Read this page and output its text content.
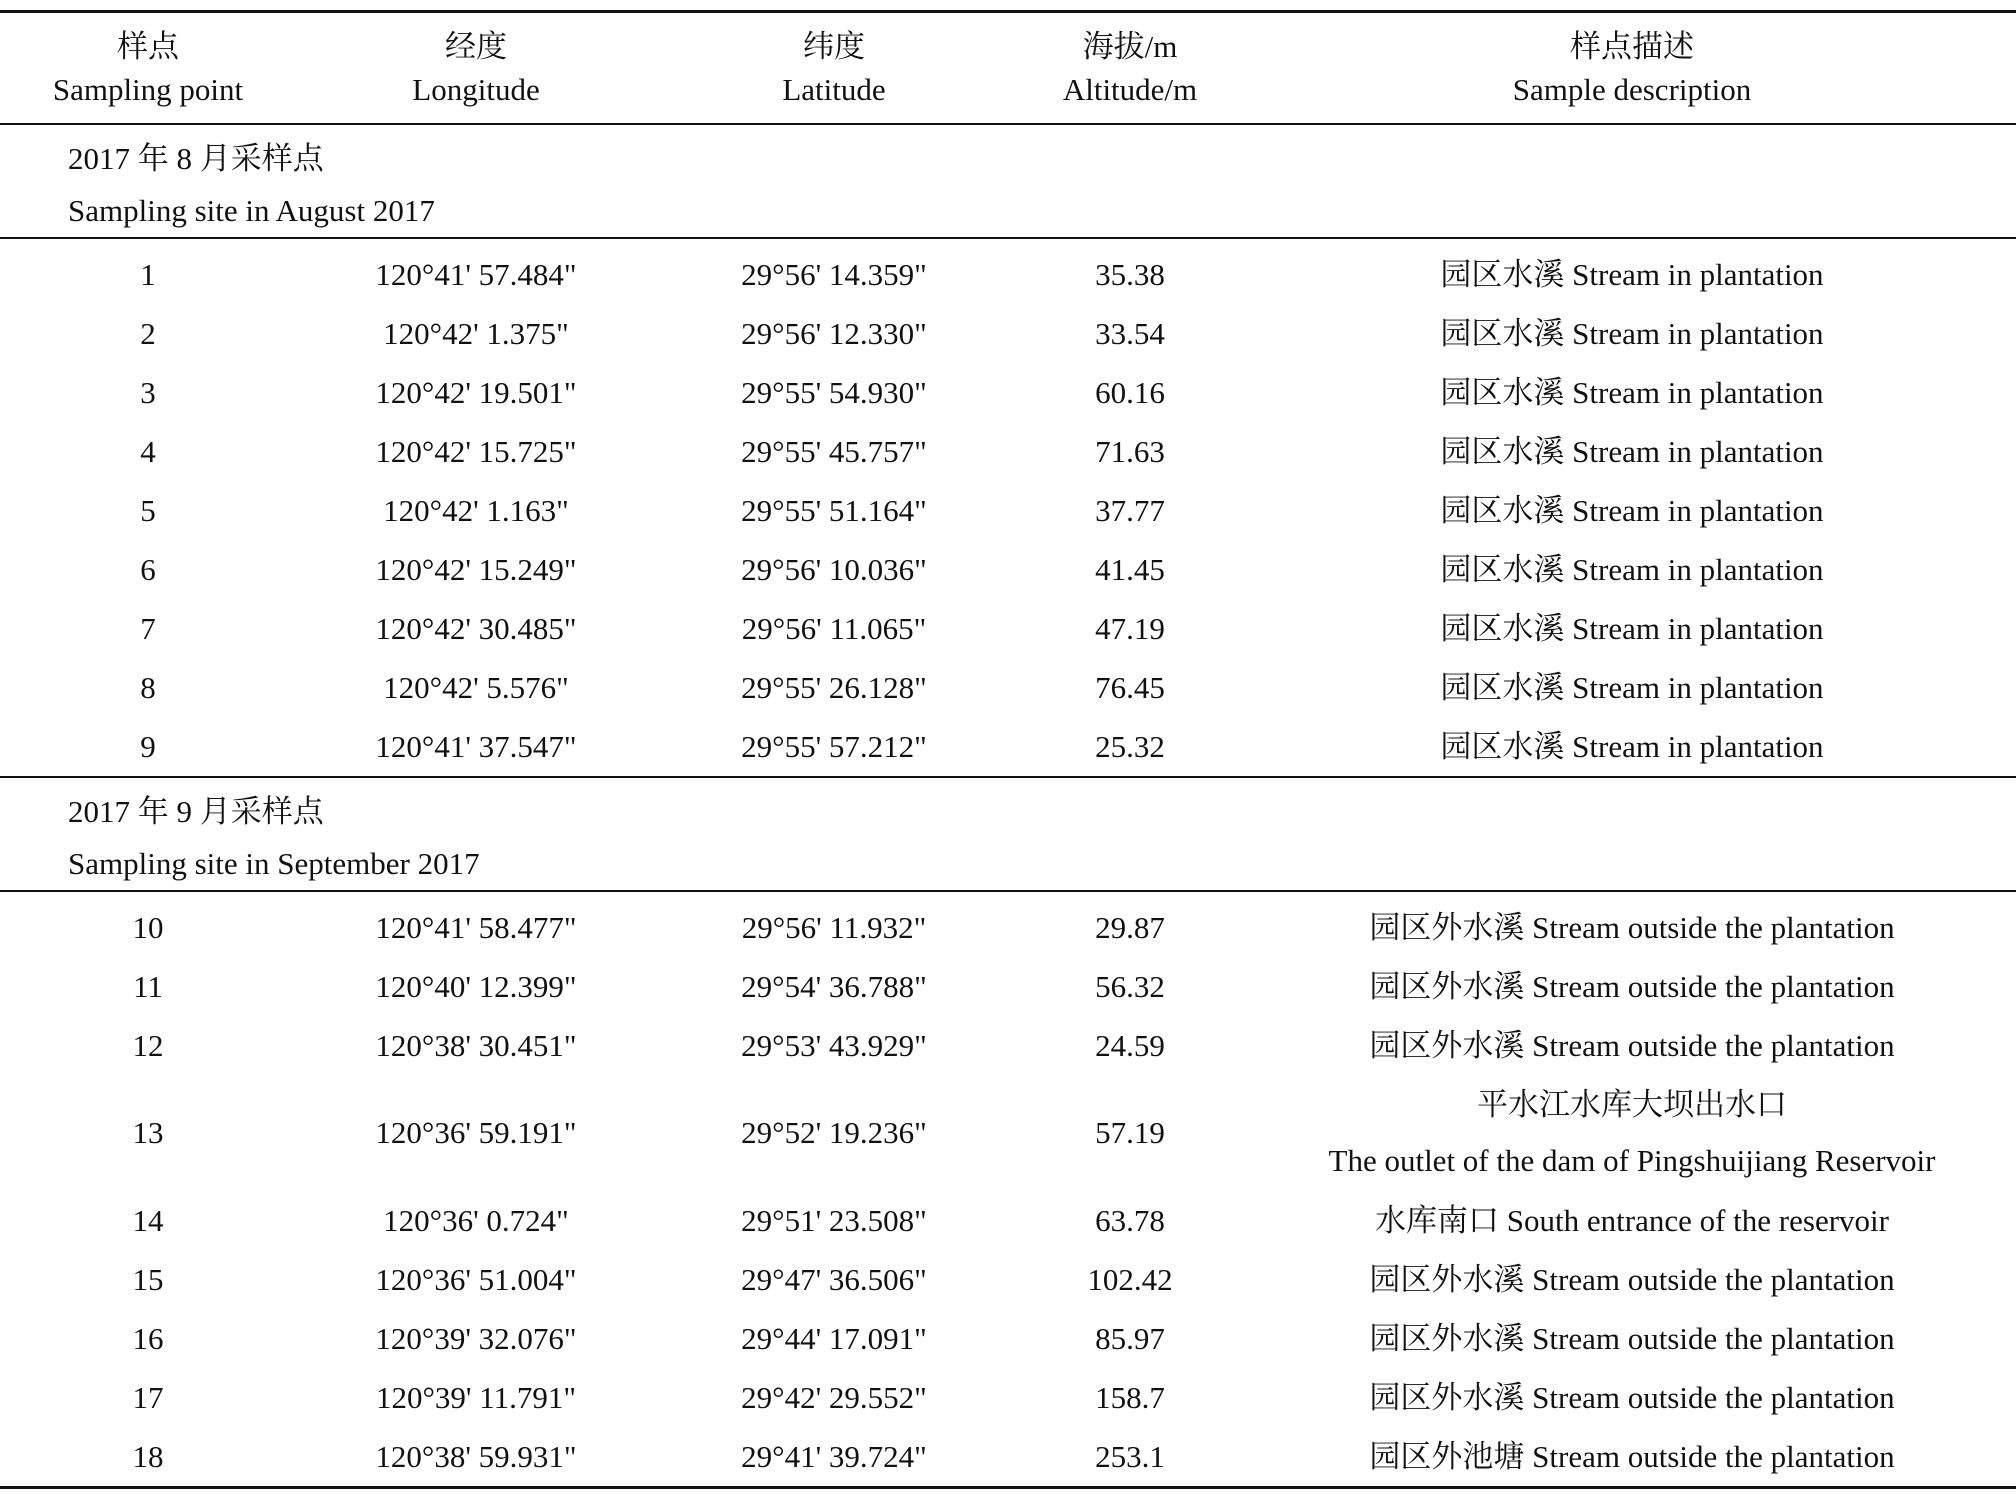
样点	经度	纬度	海拔/m	样点描述
Sampling point	Longitude	Latitude	Altitude/m	Sample description
2017 年 8 月采样点				
Sampling site in August 2017				
1	120°41' 57.484"	29°56' 14.359"	35.38	园区水溪 Stream in plantation
2	120°42' 1.375"	29°56' 12.330"	33.54	园区水溪 Stream in plantation
3	120°42' 19.501"	29°55' 54.930"	60.16	园区水溪 Stream in plantation
4	120°42' 15.725"	29°55' 45.757"	71.63	园区水溪 Stream in plantation
5	120°42' 1.163"	29°55' 51.164"	37.77	园区水溪 Stream in plantation
6	120°42' 15.249"	29°56' 10.036"	41.45	园区水溪 Stream in plantation
7	120°42' 30.485"	29°56' 11.065"	47.19	园区水溪 Stream in plantation
8	120°42' 5.576"	29°55' 26.128"	76.45	园区水溪 Stream in plantation
9	120°41' 37.547"	29°55' 57.212"	25.32	园区水溪 Stream in plantation
2017 年 9 月采样点				
Sampling site in September 2017				
10	120°41' 58.477"	29°56' 11.932"	29.87	园区外水溪 Stream outside the plantation
11	120°40' 12.399"	29°54' 36.788"	56.32	园区外水溪 Stream outside the plantation
12	120°38' 30.451"	29°53' 43.929"	24.59	园区外水溪 Stream outside the plantation
13	120°36' 59.191"	29°52' 19.236"	57.19	平水江水库大坝出水口
The outlet of the dam of Pingshuijiang Reservoir

14	120°36' 0.724"	29°51' 23.508"	63.78	水库南口 South entrance of the reservoir
15	120°36' 51.004"	29°47' 36.506"	102.42	园区外水溪 Stream outside the plantation
16	120°39' 32.076"	29°44' 17.091"	85.97	园区外水溪 Stream outside the plantation
17	120°39' 11.791"	29°42' 29.552"	158.7	园区外水溪 Stream outside the plantation
18	120°38' 59.931"	29°41' 39.724"	253.1	园区外池塘 Stream outside the plantation
